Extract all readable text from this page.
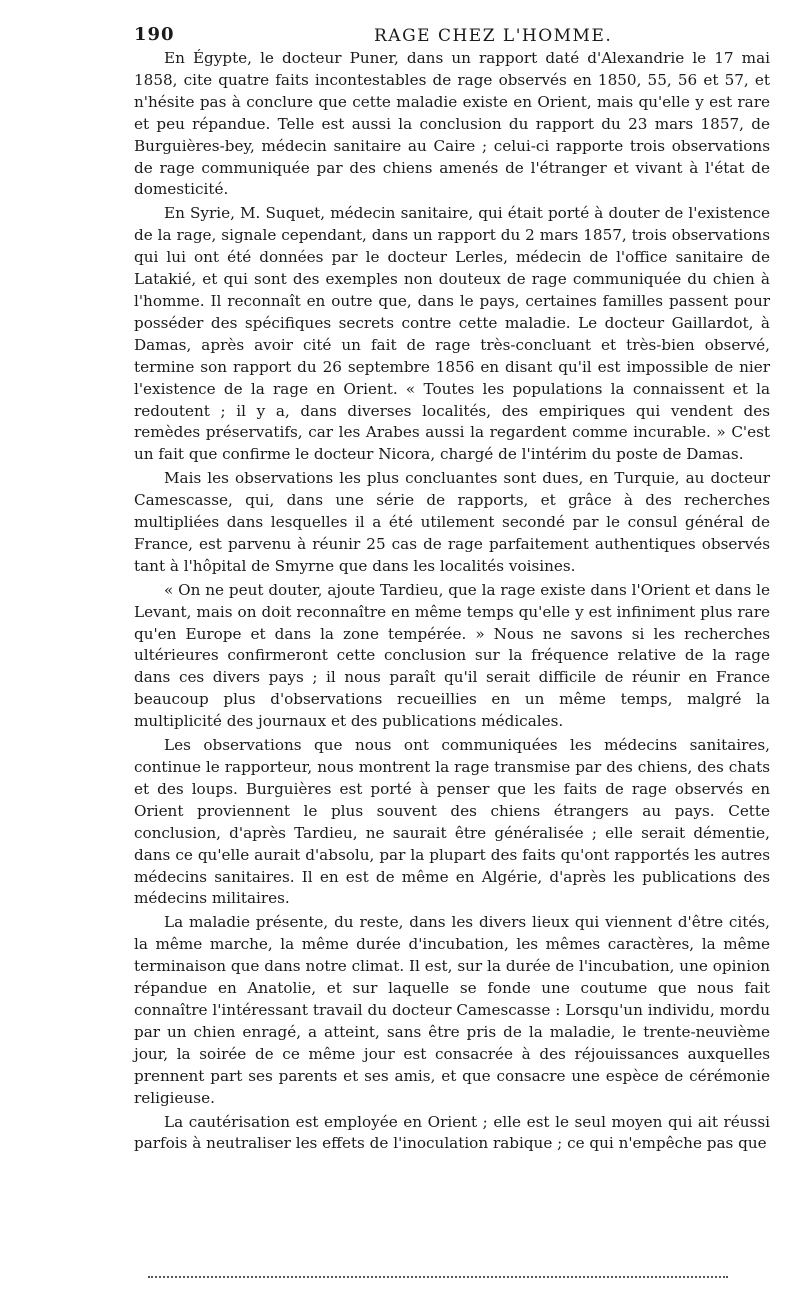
190	RAGE CHEZ L'HOMME.

En Égypte, le docteur Puner, dans un rapport daté d'Alexandrie le 17 mai 1858, cite quatre faits incontestables de rage observés en 1850, 55, 56 et 57, et n'hésite pas à conclure que cette maladie existe en Orient, mais qu'elle y est rare et peu répandue. Telle est aussi la conclusion du rapport du 23 mars 1857, de Burguières-bey, médecin sanitaire au Caire ; celui-ci rapporte trois observations de rage communiquée par des chiens amenés de l'étranger et vivant à l'état de domesticité.

En Syrie, M. Suquet, médecin sanitaire, qui était porté à douter de l'existence de la rage, signale cependant, dans un rapport du 2 mars 1857, trois observations qui lui ont été données par le docteur Lerles, médecin de l'office sanitaire de Latakié, et qui sont des exemples non douteux de rage communiquée du chien à l'homme. Il reconnaît en outre que, dans le pays, certaines familles passent pour posséder des spécifiques secrets contre cette maladie. Le docteur Gaillardot, à Damas, après avoir cité un fait de rage très-concluant et très-bien observé, termine son rapport du 26 septembre 1856 en disant qu'il est impossible de nier l'existence de la rage en Orient. « Toutes les populations la connaissent et la redoutent ; il y a, dans diverses localités, des empiriques qui vendent des remèdes préservatifs, car les Arabes aussi la regardent comme incurable. » C'est un fait que confirme le docteur Nicora, chargé de l'intérim du poste de Damas.

Mais les observations les plus concluantes sont dues, en Turquie, au docteur Camescasse, qui, dans une série de rapports, et grâce à des recherches multipliées dans lesquelles il a été utilement secondé par le consul général de France, est parvenu à réunir 25 cas de rage parfaitement authentiques observés tant à l'hôpital de Smyrne que dans les localités voisines.

« On ne peut douter, ajoute Tardieu, que la rage existe dans l'Orient et dans le Levant, mais on doit reconnaître en même temps qu'elle y est infiniment plus rare qu'en Europe et dans la zone tempérée. » Nous ne savons si les recherches ultérieures confirmeront cette conclusion sur la fréquence relative de la rage dans ces divers pays ; il nous paraît qu'il serait difficile de réunir en France beaucoup plus d'observations recueillies en un même temps, malgré la multiplicité des journaux et des publications médicales.

Les observations que nous ont communiquées les médecins sanitaires, continue le rapporteur, nous montrent la rage transmise par des chiens, des chats et des loups. Burguières est porté à penser que les faits de rage observés en Orient proviennent le plus souvent des chiens étrangers au pays. Cette conclusion, d'après Tardieu, ne saurait être généralisée ; elle serait démentie, dans ce qu'elle aurait d'absolu, par la plupart des faits qu'ont rapportés les autres médecins sanitaires. Il en est de même en Algérie, d'après les publications des médecins militaires.

La maladie présente, du reste, dans les divers lieux qui viennent d'être cités, la même marche, la même durée d'incubation, les mêmes caractères, la même terminaison que dans notre climat. Il est, sur la durée de l'incubation, une opinion répandue en Anatolie, et sur laquelle se fonde une coutume que nous fait connaître l'intéressant travail du docteur Camescasse : Lorsqu'un individu, mordu par un chien enragé, a atteint, sans être pris de la maladie, le trente-neuvième jour, la soirée de ce même jour est consacrée à des réjouissances auxquelles prennent part ses parents et ses amis, et que consacre une espèce de cérémonie religieuse.

La cautérisation est employée en Orient ; elle est le seul moyen qui ait réussi parfois à neutraliser les effets de l'inoculation rabique ; ce qui n'empêche pas que
